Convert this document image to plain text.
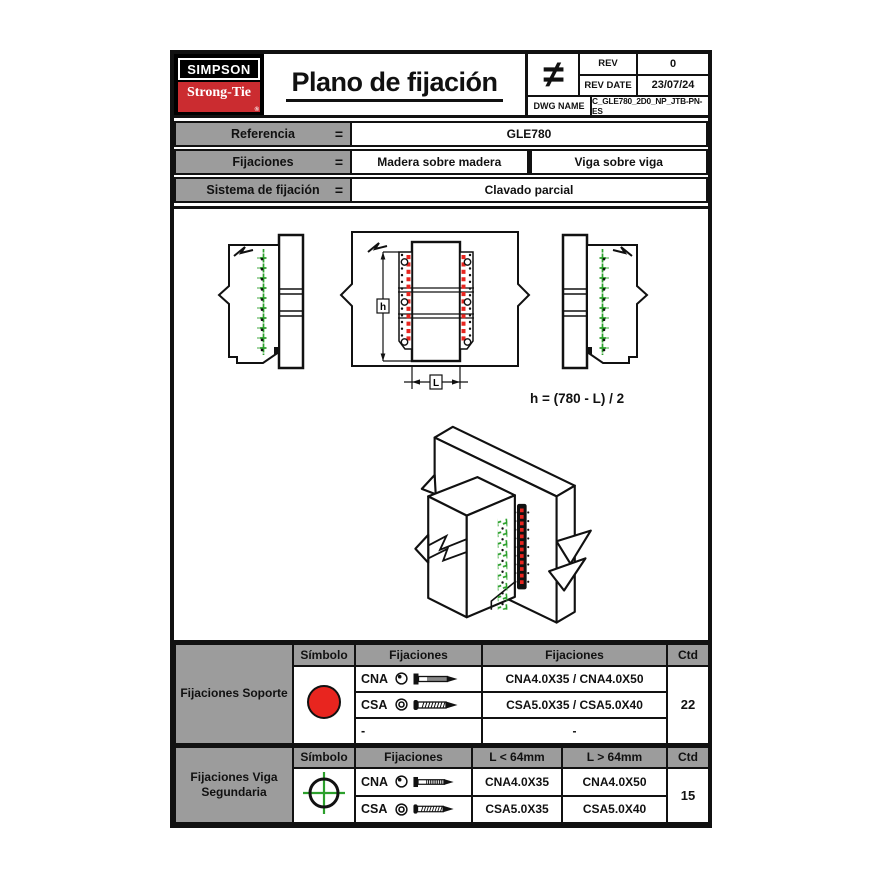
SIMPSON
Strong-Tie
®
Plano de fijación	≠	REV	0
REV DATE	23/07/24
DWG NAME C_GLE780_2D0_NP_JTB-PN-ES
Referencia	=	GLE780
Fijaciones	=	Madera sobre madera	Viga sobre viga
Sistema de fijación =	Clavado parcial
h
L
h = (780 - L) / 2
Fijaciones Soporte	Símbolo	Fijaciones	Fijaciones	Ctd

CNA	CNA4.0X35 / CNA4.0X50	22

		CSA	CSA5.0X35 / CSA5.0X40	

		-	-	
Fijaciones Viga Segundaria	Símbolo	Fijaciones	L < 64mm	L > 64mm	Ctd

CNA	CNA4.0X35	CNA4.0X50	15

		CSA	CSA5.0X35	CSA5.0X40	
